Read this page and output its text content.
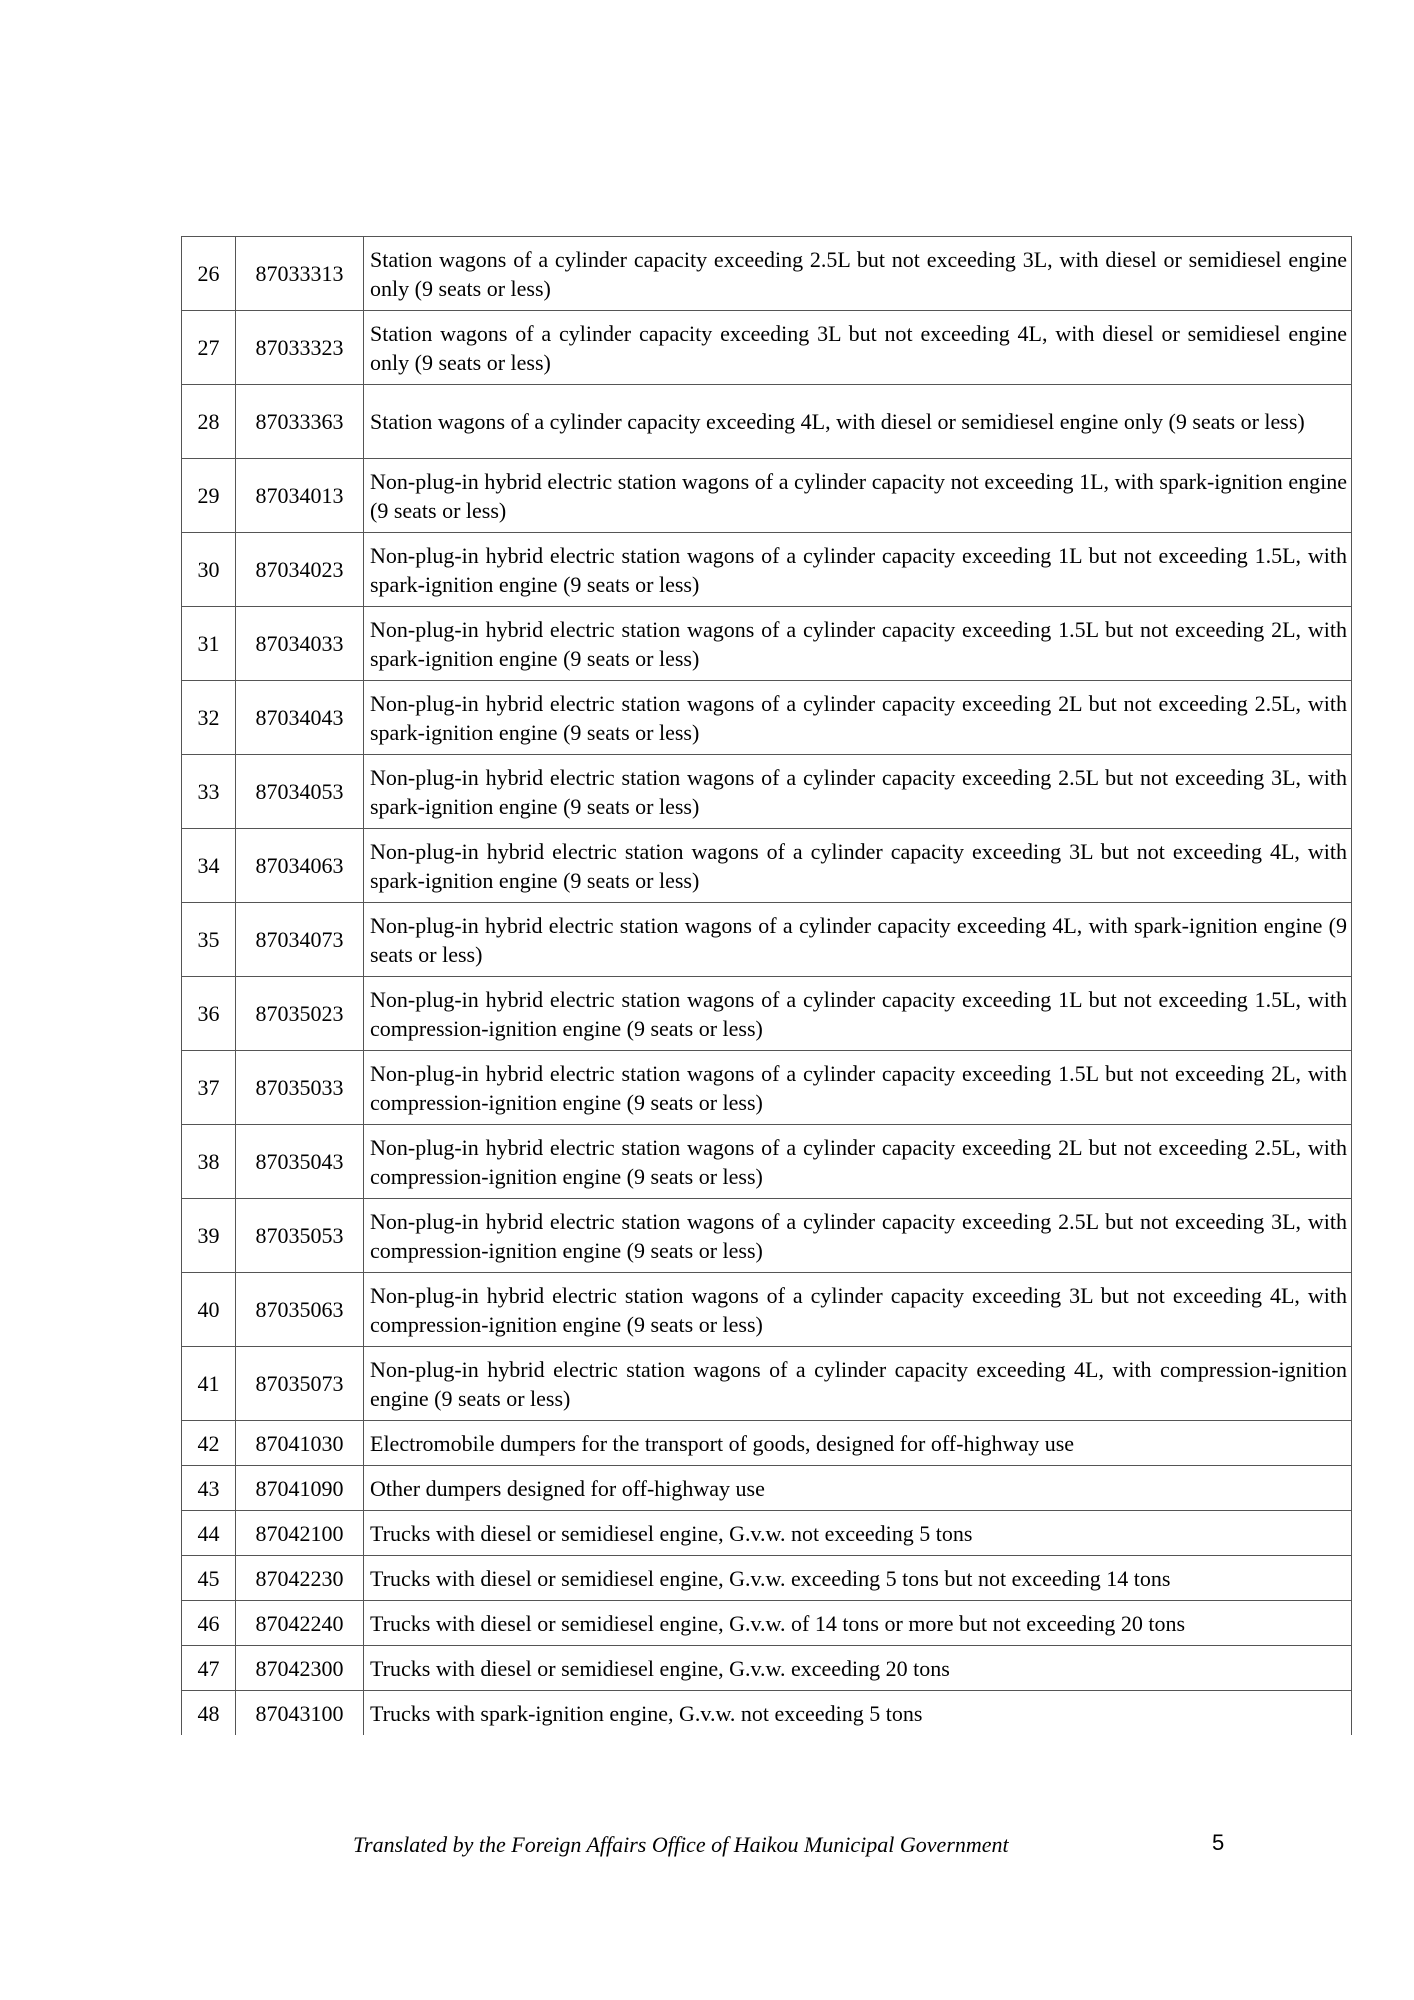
26	87033313	Station wagons of a cylinder capacity exceeding 2.5L but not exceeding 3L, with diesel or semidiesel engine only (9 seats or less)
27	87033323	Station wagons of a cylinder capacity exceeding 3L but not exceeding 4L, with diesel or semidiesel engine only (9 seats or less)
28	87033363	Station wagons of a cylinder capacity exceeding 4L, with diesel or semidiesel engine only (9 seats or less)
29	87034013	Non-plug-in hybrid electric station wagons of a cylinder capacity not exceeding 1L, with spark-ignition engine (9 seats or less)
30	87034023	Non-plug-in hybrid electric station wagons of a cylinder capacity exceeding 1L but not exceeding 1.5L, with spark-ignition engine (9 seats or less)
31	87034033	Non-plug-in hybrid electric station wagons of a cylinder capacity exceeding 1.5L but not exceeding 2L, with spark-ignition engine (9 seats or less)
32	87034043	Non-plug-in hybrid electric station wagons of a cylinder capacity exceeding 2L but not exceeding 2.5L, with spark-ignition engine (9 seats or less)
33	87034053	Non-plug-in hybrid electric station wagons of a cylinder capacity exceeding 2.5L but not exceeding 3L, with spark-ignition engine (9 seats or less)
34	87034063	Non-plug-in hybrid electric station wagons of a cylinder capacity exceeding 3L but not exceeding 4L, with spark-ignition engine (9 seats or less)
35	87034073	Non-plug-in hybrid electric station wagons of a cylinder capacity exceeding 4L, with spark-ignition engine (9 seats or less)
36	87035023	Non-plug-in hybrid electric station wagons of a cylinder capacity exceeding 1L but not exceeding 1.5L, with compression-ignition engine (9 seats or less)
37	87035033	Non-plug-in hybrid electric station wagons of a cylinder capacity exceeding 1.5L but not exceeding 2L, with compression-ignition engine (9 seats or less)
38	87035043	Non-plug-in hybrid electric station wagons of a cylinder capacity exceeding 2L but not exceeding 2.5L, with compression-ignition engine (9 seats or less)
39	87035053	Non-plug-in hybrid electric station wagons of a cylinder capacity exceeding 2.5L but not exceeding 3L, with compression-ignition engine (9 seats or less)
40	87035063	Non-plug-in hybrid electric station wagons of a cylinder capacity exceeding 3L but not exceeding 4L, with compression-ignition engine (9 seats or less)
41	87035073	Non-plug-in hybrid electric station wagons of a cylinder capacity exceeding 4L, with compression-ignition engine (9 seats or less)
42	87041030	Electromobile dumpers for the transport of goods, designed for off-highway use
43	87041090	Other dumpers designed for off-highway use
44	87042100	Trucks with diesel or semidiesel engine, G.v.w. not exceeding 5 tons
45	87042230	Trucks with diesel or semidiesel engine, G.v.w. exceeding 5 tons but not exceeding 14 tons
46	87042240	Trucks with diesel or semidiesel engine, G.v.w. of 14 tons or more but not exceeding 20 tons
47	87042300	Trucks with diesel or semidiesel engine, G.v.w. exceeding 20 tons
48	87043100	Trucks with spark-ignition engine, G.v.w. not exceeding 5 tons
Translated by the Foreign Affairs Office of Haikou Municipal Government	5
